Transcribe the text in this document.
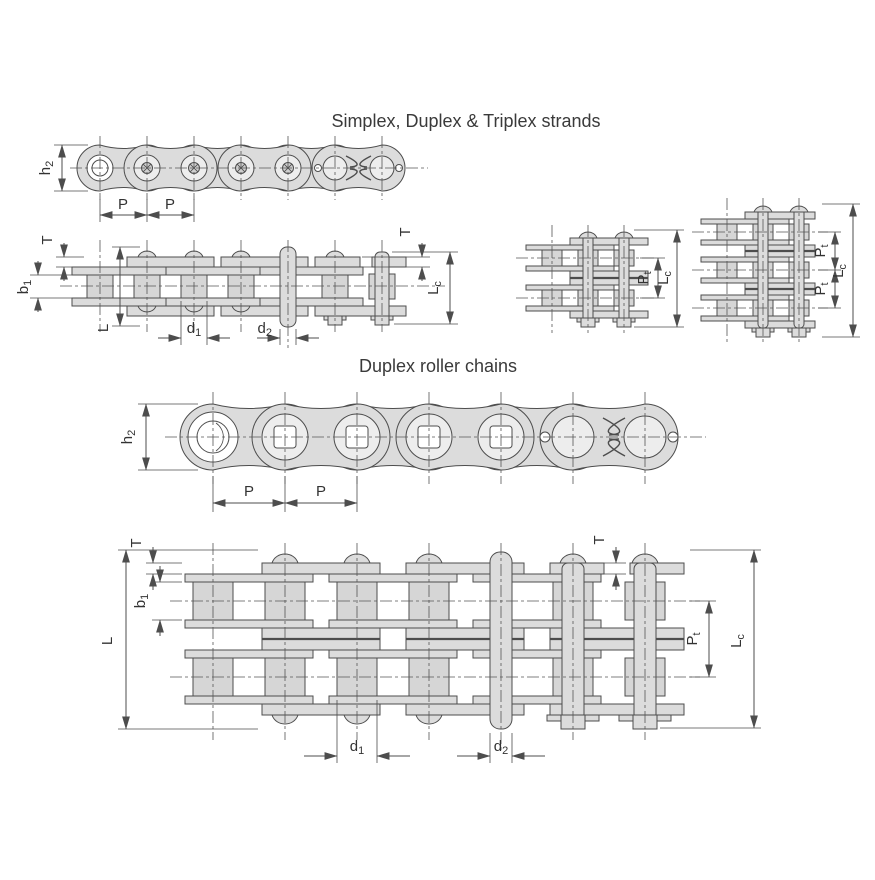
Simplex, Duplex & Triplex strands
Duplex roller chains
$h_2$
P P
T
$b_1$
L	$d_1$	$d_2$
T
$L_c$	$P_t$
$L_c$
$P_t$
$P_t$
$L_c$
$h_2$
P	P
L
T
$b_1$
T
$P_t$
$L_c$
$d_1$	$d_2$
